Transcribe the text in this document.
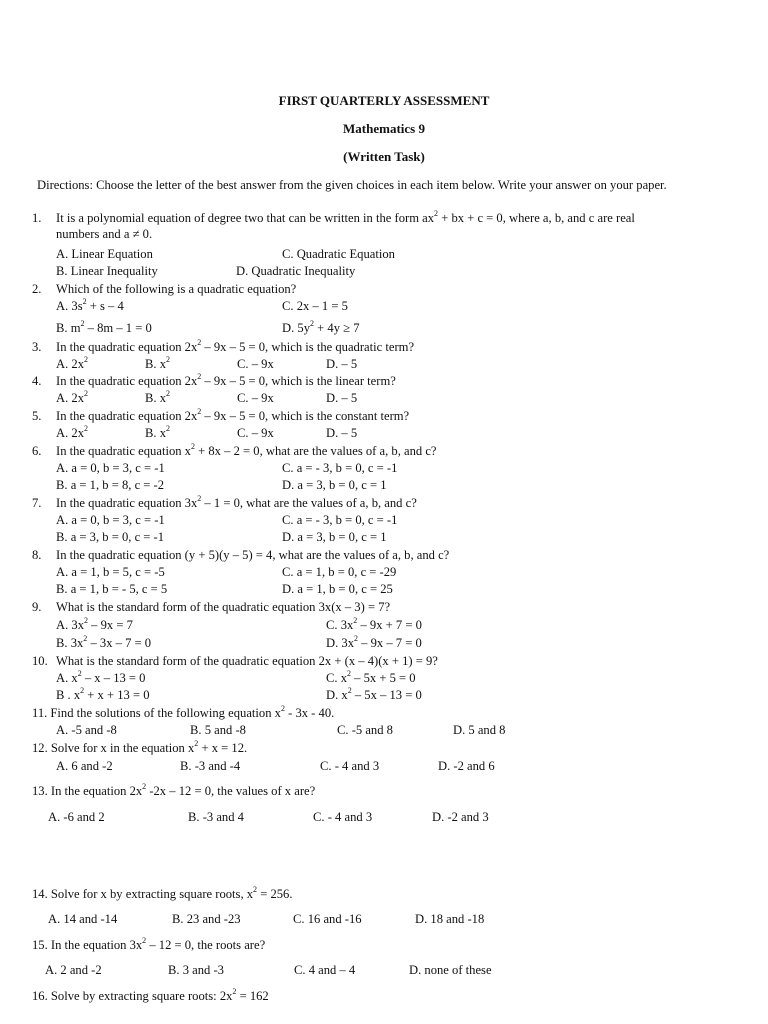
FIRST QUARTERLY ASSESSMENT
Mathematics 9
(Written Task)
Directions: Choose the letter of the best answer from the given choices in each item below. Write your answer on your paper.
1. It is a polynomial equation of degree two that can be written in the form $ax^2$ + bx + c = 0, where a, b, and c are real
numbers and a ≠ 0.
A. Linear Equation	C. Quadratic Equation
B. Linear Inequality	D. Quadratic Inequality
2. Which of the following is a quadratic equation?
A. $3s^2 + s - 4$	C. 2x – 1 = 5
B. $m^2 - 8m - 1 = 0$	D. $5y^2 + 4y \ge 7$
3. In the quadratic equation $2x^2 - 9x - 5 = 0$, which is the quadratic term?
A. $2x^2$	B. $x^2$	C. – 9x	D. – 5
4. In the quadratic equation $2x^2 - 9x - 5 = 0$, which is the linear term?
A. $2x^2$	B. $x^2$	C. – 9x	D. – 5
5. In the quadratic equation $2x^2 - 9x - 5 = 0$, which is the constant term?
A. $2x^2$	B. $x^2$	C. – 9x	D. – 5
6. In the quadratic equation $x^2 + 8x - 2 = 0$, what are the values of a, b, and c?
A. a = 0, b = 3, c = -1	C. a = - 3, b = 0, c = -1
B. a = 1, b = 8, c = -2	D. a = 3, b = 0, c = 1
7. In the quadratic equation $3x^2 - 1 = 0$, what are the values of a, b, and c?
A. a = 0, b = 3, c = -1	C. a = - 3, b = 0, c = -1
B. a = 3, b = 0, c = -1	D. a = 3, b = 0, c = 1
8. In the quadratic equation (y + 5)(y – 5) = 4, what are the values of a, b, and c?
A. a = 1, b = 5, c = -5	C. a = 1, b = 0, c = -29
B. a = 1, b = - 5, c = 5	D. a = 1, b = 0, c = 25
9. What is the standard form of the quadratic equation 3x(x – 3) = 7?
A. $3x^2 - 9x = 7$	C. $3x^2 - 9x + 7 = 0$
B. $3x^2 - 3x - 7 = 0$	D. $3x^2 - 9x - 7 = 0$
10. What is the standard form of the quadratic equation 2x + (x – 4)(x + 1) = 9?
A. $x^2 - x - 13 = 0$	C. $x^2 - 5x + 5 = 0$
B . $x^2 + x + 13 = 0$	D. $x^2 - 5x - 13 = 0$
11. Find the solutions of the following equation $x^2 - 3x - 40$.
A. -5 and -8	B. 5 and -8	C. -5 and 8	D. 5 and 8
12. Solve for x in the equation $x^2 + x = 12$.
A. 6 and -2	B. -3 and -4	C. - 4 and 3	D. -2 and 6
13. In the equation $2x^2$ -2x – 12 = 0, the values of x are?
A. -6 and 2	B. -3 and 4	C. - 4 and 3	D. -2 and 3
14. Solve for x by extracting square roots, $x^2 = 256$.
A. 14 and -14	B. 23 and -23	C. 16 and -16	D. 18 and -18
15. In the equation $3x^2 - 12 = 0$, the roots are?
A. 2 and -2	B. 3 and -3	C. 4 and – 4	D. none of these
16. Solve by extracting square roots: $2x^2 = 162$
